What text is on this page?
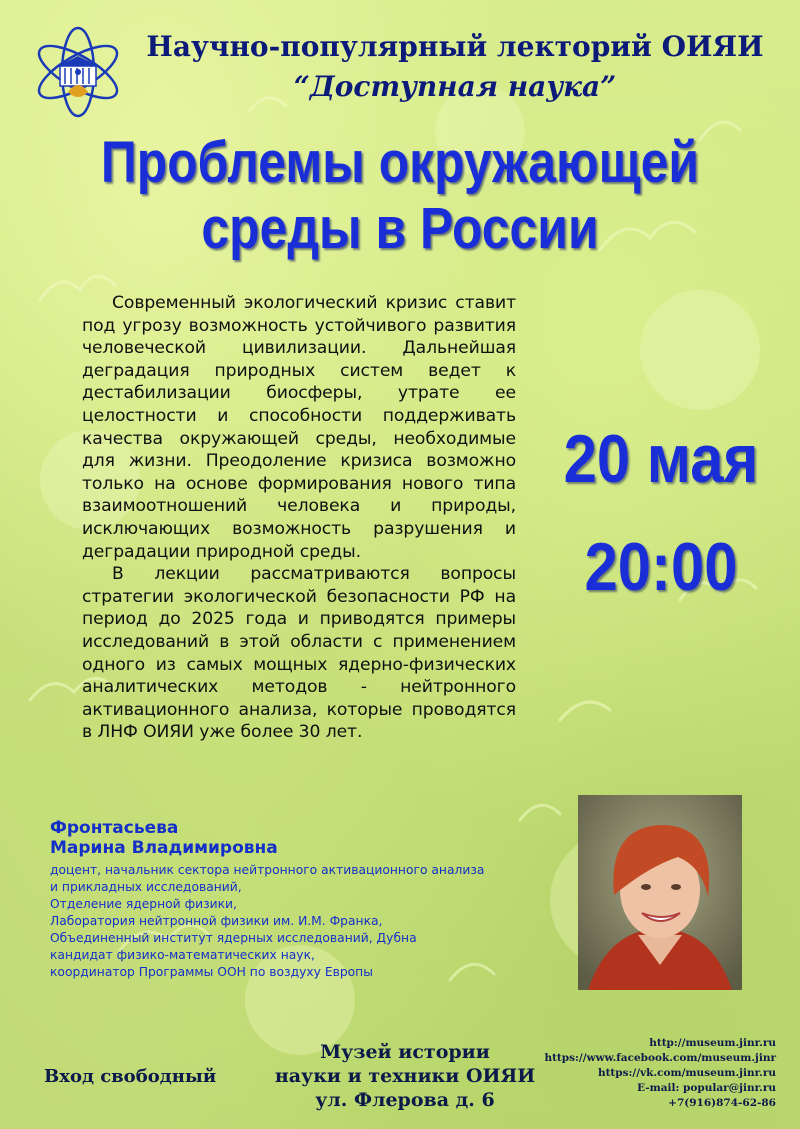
Научно-популярный лекторий ОИЯИ
“Доступная наука”
Проблемы окружающей
среды в России

Современный экологический кризис ставит под угрозу возможность устойчивого развития человеческой цивилизации. Дальнейшая деградация природных систем ведет к дестабилизации биосферы, утрате ее целостности и способности поддерживать качества окружающей среды, необходимые для жизни. Преодоление кризиса возможно только на основе формирования нового типа взаимоотношений человека и природы, исключающих возможность разрушения и деградации природной среды.

В лекции рассматриваются вопросы стратегии экологической безопасности РФ на период до 2025 года и приводятся примеры исследований в этой области с применением одного из самых мощных ядерно-физических аналитических методов - нейтронного активационного анализа, которые проводятся в ЛНФ ОИЯИ уже более 30 лет.

20 мая
20:00
Фронтасьева
Марина Владимировна
доцент, начальник сектора нейтронного активационного анализа
и прикладных исследований,
Отделение ядерной физики,
Лаборатория нейтронной физики им. И.М. Франка,
Объединенный институт ядерных исследований, Дубна
кандидат физико-математических наук,
координатор Программы ООН по воздуху Европы
Вход свободный
Музей истории
науки и техники ОИЯИ
ул. Флерова д. 6
http://museum.jinr.ru
https://www.facebook.com/museum.jinr
https://vk.com/museum.jinr.ru
E-mail: popular@jinr.ru
+7(916)874-62-86
